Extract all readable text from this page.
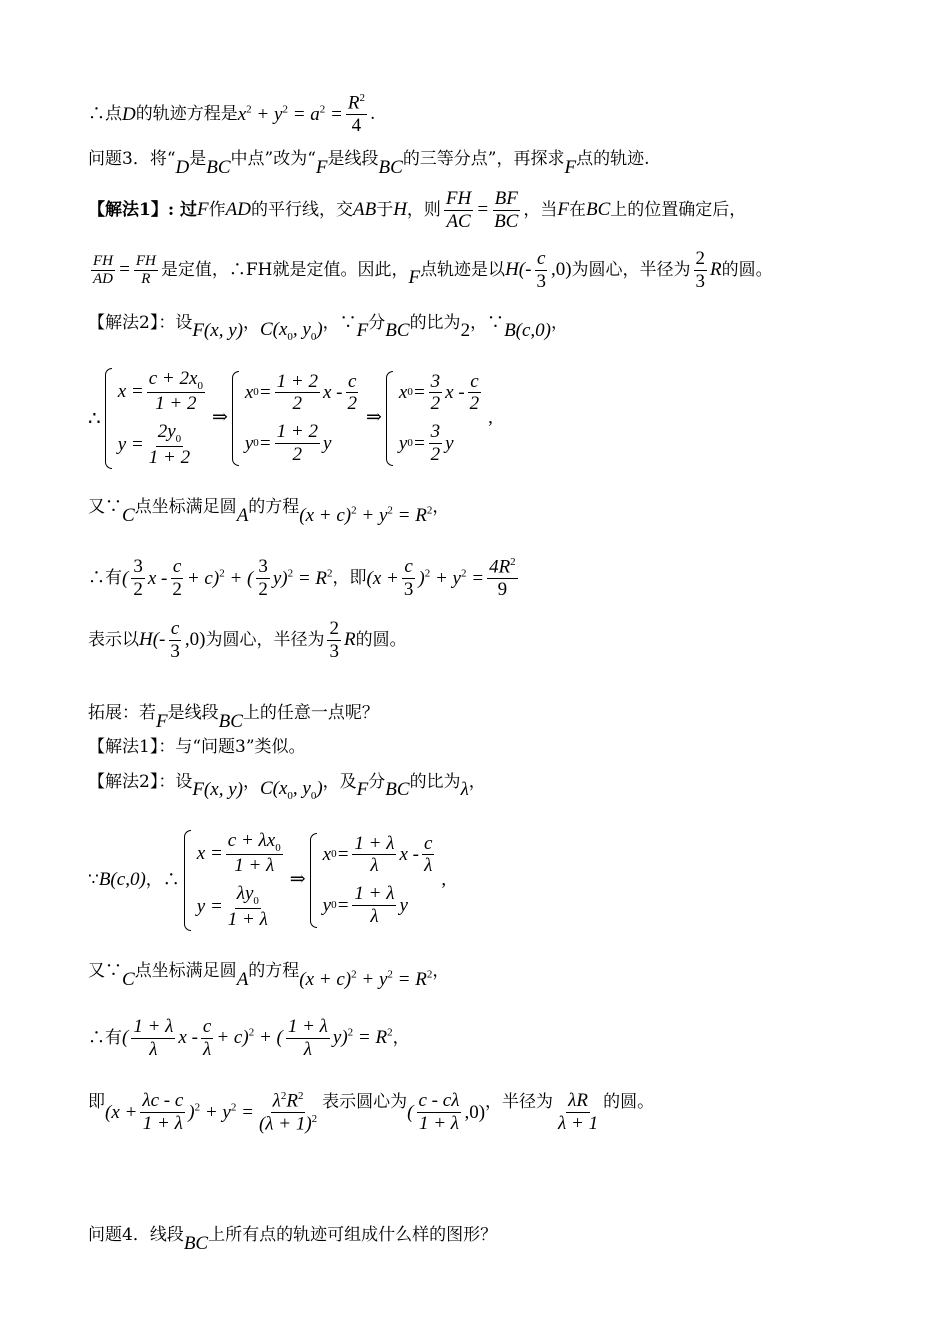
∴点 D 的轨迹方程是 $x^2 + y^2 = a^2 = \frac{R^2}{4}$ .
问题3．将“ D 是 BC 中点”改为“ F 是线段 BC 的三等分点”，再探求 F 点的轨迹.
【解法1】: 过 F 作 AD 的平行线，交 AB 于 H ，则 $\frac{FH}{AC} = \frac{BF}{BC}$ ，当 F 在 BC 上的位置确定后，
$\frac{FH}{AD} = \frac{FH}{R}$ 是定值，∴FH就是定值。因此， F 点轨迹是以 $H(- \frac{c}{3} ,0)$ 为圆心，半径为 $\frac{2}{3}$ R 的圆。
【解法2】：设 F(x, y) ， $C(x_0$, $y_0$) ，∵ F 分 BC 的比为 2 ，∵ B(c,0) ，
∴
$x = \frac{c + 2x_0}{1 + 2}$
$y = \frac{2y_0}{1 + 2}$
⇒
x $0 = \frac{1 + 2}{2}$ x - $\frac{c}{2}$
y $0 = \frac{1 + 2}{2}$ y
⇒
x $0 = \frac{3}{2}$ x - $\frac{c}{2}$
y $0 = \frac{3}{2}$ y
,
又∵ C 点坐标满足圆 A 的方程 $(x + c)^2 + y^2 = R^2$ ，
∴有 ( $\frac{3}{2}$ $x - \frac{c}{2} + c)^2$ + ( $\frac{3}{2} y)^2 = R^2$ ，即 $(x + \frac{c}{3} )^2 + y^2 = \frac{4R^2}{9}$
表示以 $H(- \frac{c}{3} ,0)$ 为圆心，半径为 $\frac{2}{3}$ R 的圆。
拓展：若 F 是线段 BC 上的任意一点呢？
【解法1】：与“问题3”类似。
【解法2】：设 F(x, y) ， $C(x_0$, $y_0$) ，及 F 分 BC 的比为 λ ，
∵ B(c,0) ，∴
$x = \frac{c + \lambda x_0}{1 + \lambda}$
$y = \frac{\lambda y_0}{1 + \lambda}$
⇒
x $0 = \frac{1 + \lambda}{\lambda}$ x - $\frac{c}{\lambda}$
y $0 = \frac{1 + \lambda}{\lambda}$ y
,
又∵ C 点坐标满足圆 A 的方程 $(x + c)^2 + y^2 = R^2$ ，
∴有 ( $\frac{1 + \lambda}{\lambda}$ $x - \frac{c}{\lambda} + c)^2$ + ( $\frac{1 + \lambda}{\lambda} y)^2 = R^2$ ，
即 $(x + \frac{\lambda c - c}{1 + \lambda} )^2 + y^2 = \frac{\lambda^2R^2}{(\lambda + 1)^2}$ 表示圆心为 ( $\frac{c - c\lambda}{1 + \lambda} ,0$) ，半径为 $\frac{\lambda R}{\lambda + 1}$ 的圆。
问题4．线段 BC 上所有点的轨迹可组成什么样的图形？
